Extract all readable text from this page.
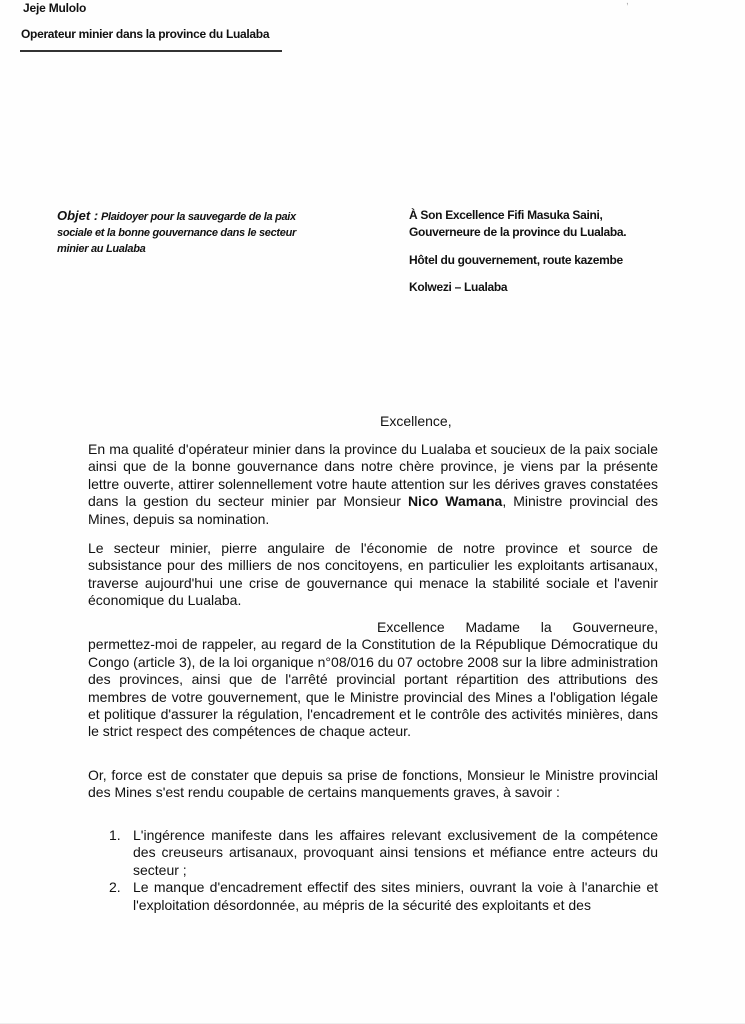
,
Jeje Mulolo
Operateur minier dans la province du Lualaba
Objet : Plaidoyer pour la sauvegarde de la paix sociale et la bonne gouvernance dans le secteur minier au Lualaba
À Son Excellence Fifi Masuka Saini,
Gouverneure de la province du Lualaba.
Hôtel du gouvernement, route kazembe
Kolwezi – Lualaba
Excellence,
En ma qualité d'opérateur minier dans la province du Lualaba et soucieux de la paix sociale ainsi que de la bonne gouvernance dans notre chère province, je viens par la présente lettre ouverte, attirer solennellement votre haute attention sur les dérives graves constatées dans la gestion du secteur minier par Monsieur Nico Wamana, Ministre provincial des Mines, depuis sa nomination.
Le secteur minier, pierre angulaire de l'économie de notre province et source de subsistance pour des milliers de nos concitoyens, en particulier les exploitants artisanaux, traverse aujourd'hui une crise de gouvernance qui menace la stabilité sociale et l'avenir économique du Lualaba.
Excellence Madame la Gouverneure, permettez-moi de rappeler, au regard de la Constitution de la République Démocratique du Congo (article 3), de la loi organique n°08/016 du 07 octobre 2008 sur la libre administration des provinces, ainsi que de l'arrêté provincial portant répartition des attributions des membres de votre gouvernement, que le Ministre provincial des Mines a l'obligation légale et politique d'assurer la régulation, l'encadrement et le contrôle des activités minières, dans le strict respect des compétences de chaque acteur.
Or, force est de constater que depuis sa prise de fonctions, Monsieur le Ministre provincial des Mines s'est rendu coupable de certains manquements graves, à savoir :
1. L'ingérence manifeste dans les affaires relevant exclusivement de la compétence des creuseurs artisanaux, provoquant ainsi tensions et méfiance entre acteurs du secteur ;
2. Le manque d'encadrement effectif des sites miniers, ouvrant la voie à l'anarchie et l'exploitation désordonnée, au mépris de la sécurité des exploitants et des
